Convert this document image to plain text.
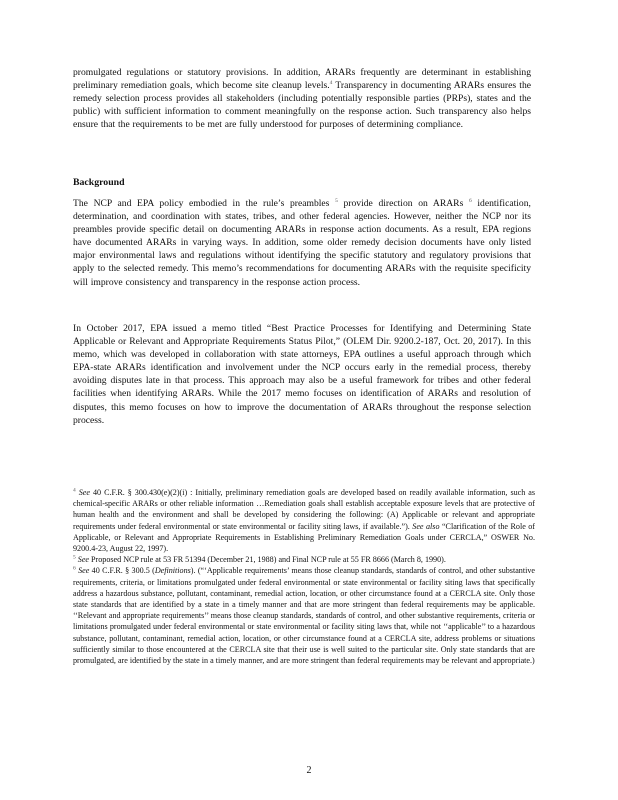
promulgated regulations or statutory provisions. In addition, ARARs frequently are determinant in establishing preliminary remediation goals, which become site cleanup levels.$^4$ Transparency in documenting ARARs ensures the remedy selection process provides all stakeholders (including potentially responsible parties (PRPs), states and the public) with sufficient information to comment meaningfully on the response action. Such transparency also helps ensure that the requirements to be met are fully understood for purposes of determining compliance.

Background

The NCP and EPA policy embodied in the rule’s preambles $^5$ provide direction on ARARs $^6$ identification, determination, and coordination with states, tribes, and other federal agencies. However, neither the NCP nor its preambles provide specific detail on documenting ARARs in response action documents. As a result, EPA regions have documented ARARs in varying ways. In addition, some older remedy decision documents have only listed major environmental laws and regulations without identifying the specific statutory and regulatory provisions that apply to the selected remedy. This memo’s recommendations for documenting ARARs with the requisite specificity will improve consistency and transparency in the response action process.

In October 2017, EPA issued a memo titled “Best Practice Processes for Identifying and Determining State Applicable or Relevant and Appropriate Requirements Status Pilot,” (OLEM Dir. 9200.2-187, Oct. 20, 2017). In this memo, which was developed in collaboration with state attorneys, EPA outlines a useful approach through which EPA-state ARARs identification and involvement under the NCP occurs early in the remedial process, thereby avoiding disputes late in that process. This approach may also be a useful framework for tribes and other federal facilities when identifying ARARs. While the 2017 memo focuses on identification of ARARs and resolution of disputes, this memo focuses on how to improve the documentation of ARARs throughout the response selection process.

$^4$ See 40 C.F.R. § 300.430(e)(2)(i) : Initially, preliminary remediation goals are developed based on readily available information, such as chemical-specific ARARs or other reliable information …Remediation goals shall establish acceptable exposure levels that are protective of human health and the environment and shall be developed by considering the following: (A) Applicable or relevant and appropriate requirements under federal environmental or state environmental or facility siting laws, if available.”). See also “Clarification of the Role of Applicable, or Relevant and Appropriate Requirements in Establishing Preliminary Remediation Goals under CERCLA,” OSWER No. 9200.4-23, August 22, 1997).

$^5$ See Proposed NCP rule at 53 FR 51394 (December 21, 1988) and Final NCP rule at 55 FR 8666 (March 8, 1990).

$^6$ See 40 C.F.R. § 300.5 (Definitions). (“‘Applicable requirements’ means those cleanup standards, standards of control, and other substantive requirements, criteria, or limitations promulgated under federal environmental or state environmental or facility siting laws that specifically address a hazardous substance, pollutant, contaminant, remedial action, location, or other circumstance found at a CERCLA site. Only those state standards that are identified by a state in a timely manner and that are more stringent than federal requirements may be applicable. ‘‘Relevant and appropriate requirements’’ means those cleanup standards, standards of control, and other substantive requirements, criteria or limitations promulgated under federal environmental or state environmental or facility siting laws that, while not ‘‘applicable’’ to a hazardous substance, pollutant, contaminant, remedial action, location, or other circumstance found at a CERCLA site, address problems or situations sufficiently similar to those encountered at the CERCLA site that their use is well suited to the particular site. Only state standards that are promulgated, are identified by the state in a timely manner, and are more stringent than federal requirements may be relevant and appropriate.)

2
